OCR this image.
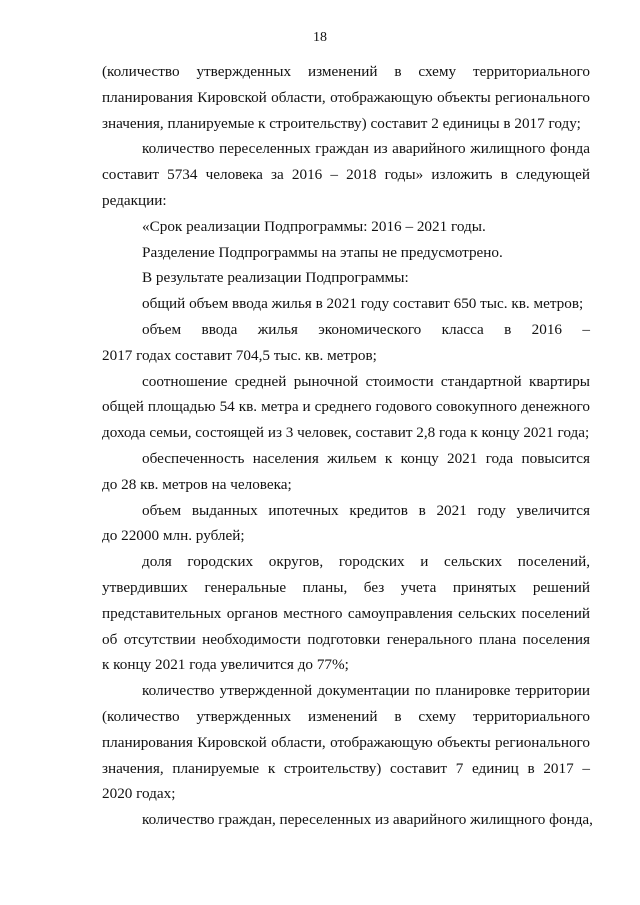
18
(количество утвержденных изменений в схему территориального
планирования Кировской области, отображающую объекты регионального
значения, планируемые к строительству) составит 2 единицы в 2017 году;
количество переселенных граждан из аварийного жилищного фонда
составит 5734 человека за 2016 – 2018 годы» изложить в следующей
редакции:
«Срок реализации Подпрограммы: 2016 – 2021 годы.
Разделение Подпрограммы на этапы не предусмотрено.
В результате реализации Подпрограммы:
общий объем ввода жилья в 2021 году составит 650 тыс. кв. метров;
объем ввода жилья экономического класса в 2016 –
2017 годах составит 704,5 тыс. кв. метров;
соотношение средней рыночной стоимости стандартной квартиры
общей площадью 54 кв. метра и среднего годового совокупного денежного
дохода семьи, состоящей из 3 человек, составит 2,8 года к концу 2021 года;
обеспеченность населения жильем к концу 2021 года повысится
до 28 кв. метров на человека;
объем выданных ипотечных кредитов в 2021 году увеличится
до 22000 млн. рублей;
доля городских округов, городских и сельских поселений,
утвердивших генеральные планы, без учета принятых решений
представительных органов местного самоуправления сельских поселений
об отсутствии необходимости подготовки генерального плана поселения
к концу 2021 года увеличится до 77%;
количество утвержденной документации по планировке территории
(количество утвержденных изменений в схему территориального
планирования Кировской области, отображающую объекты регионального
значения, планируемые к строительству) составит 7 единиц в 2017 –
2020 годах;
количество граждан, переселенных из аварийного жилищного фонда,
